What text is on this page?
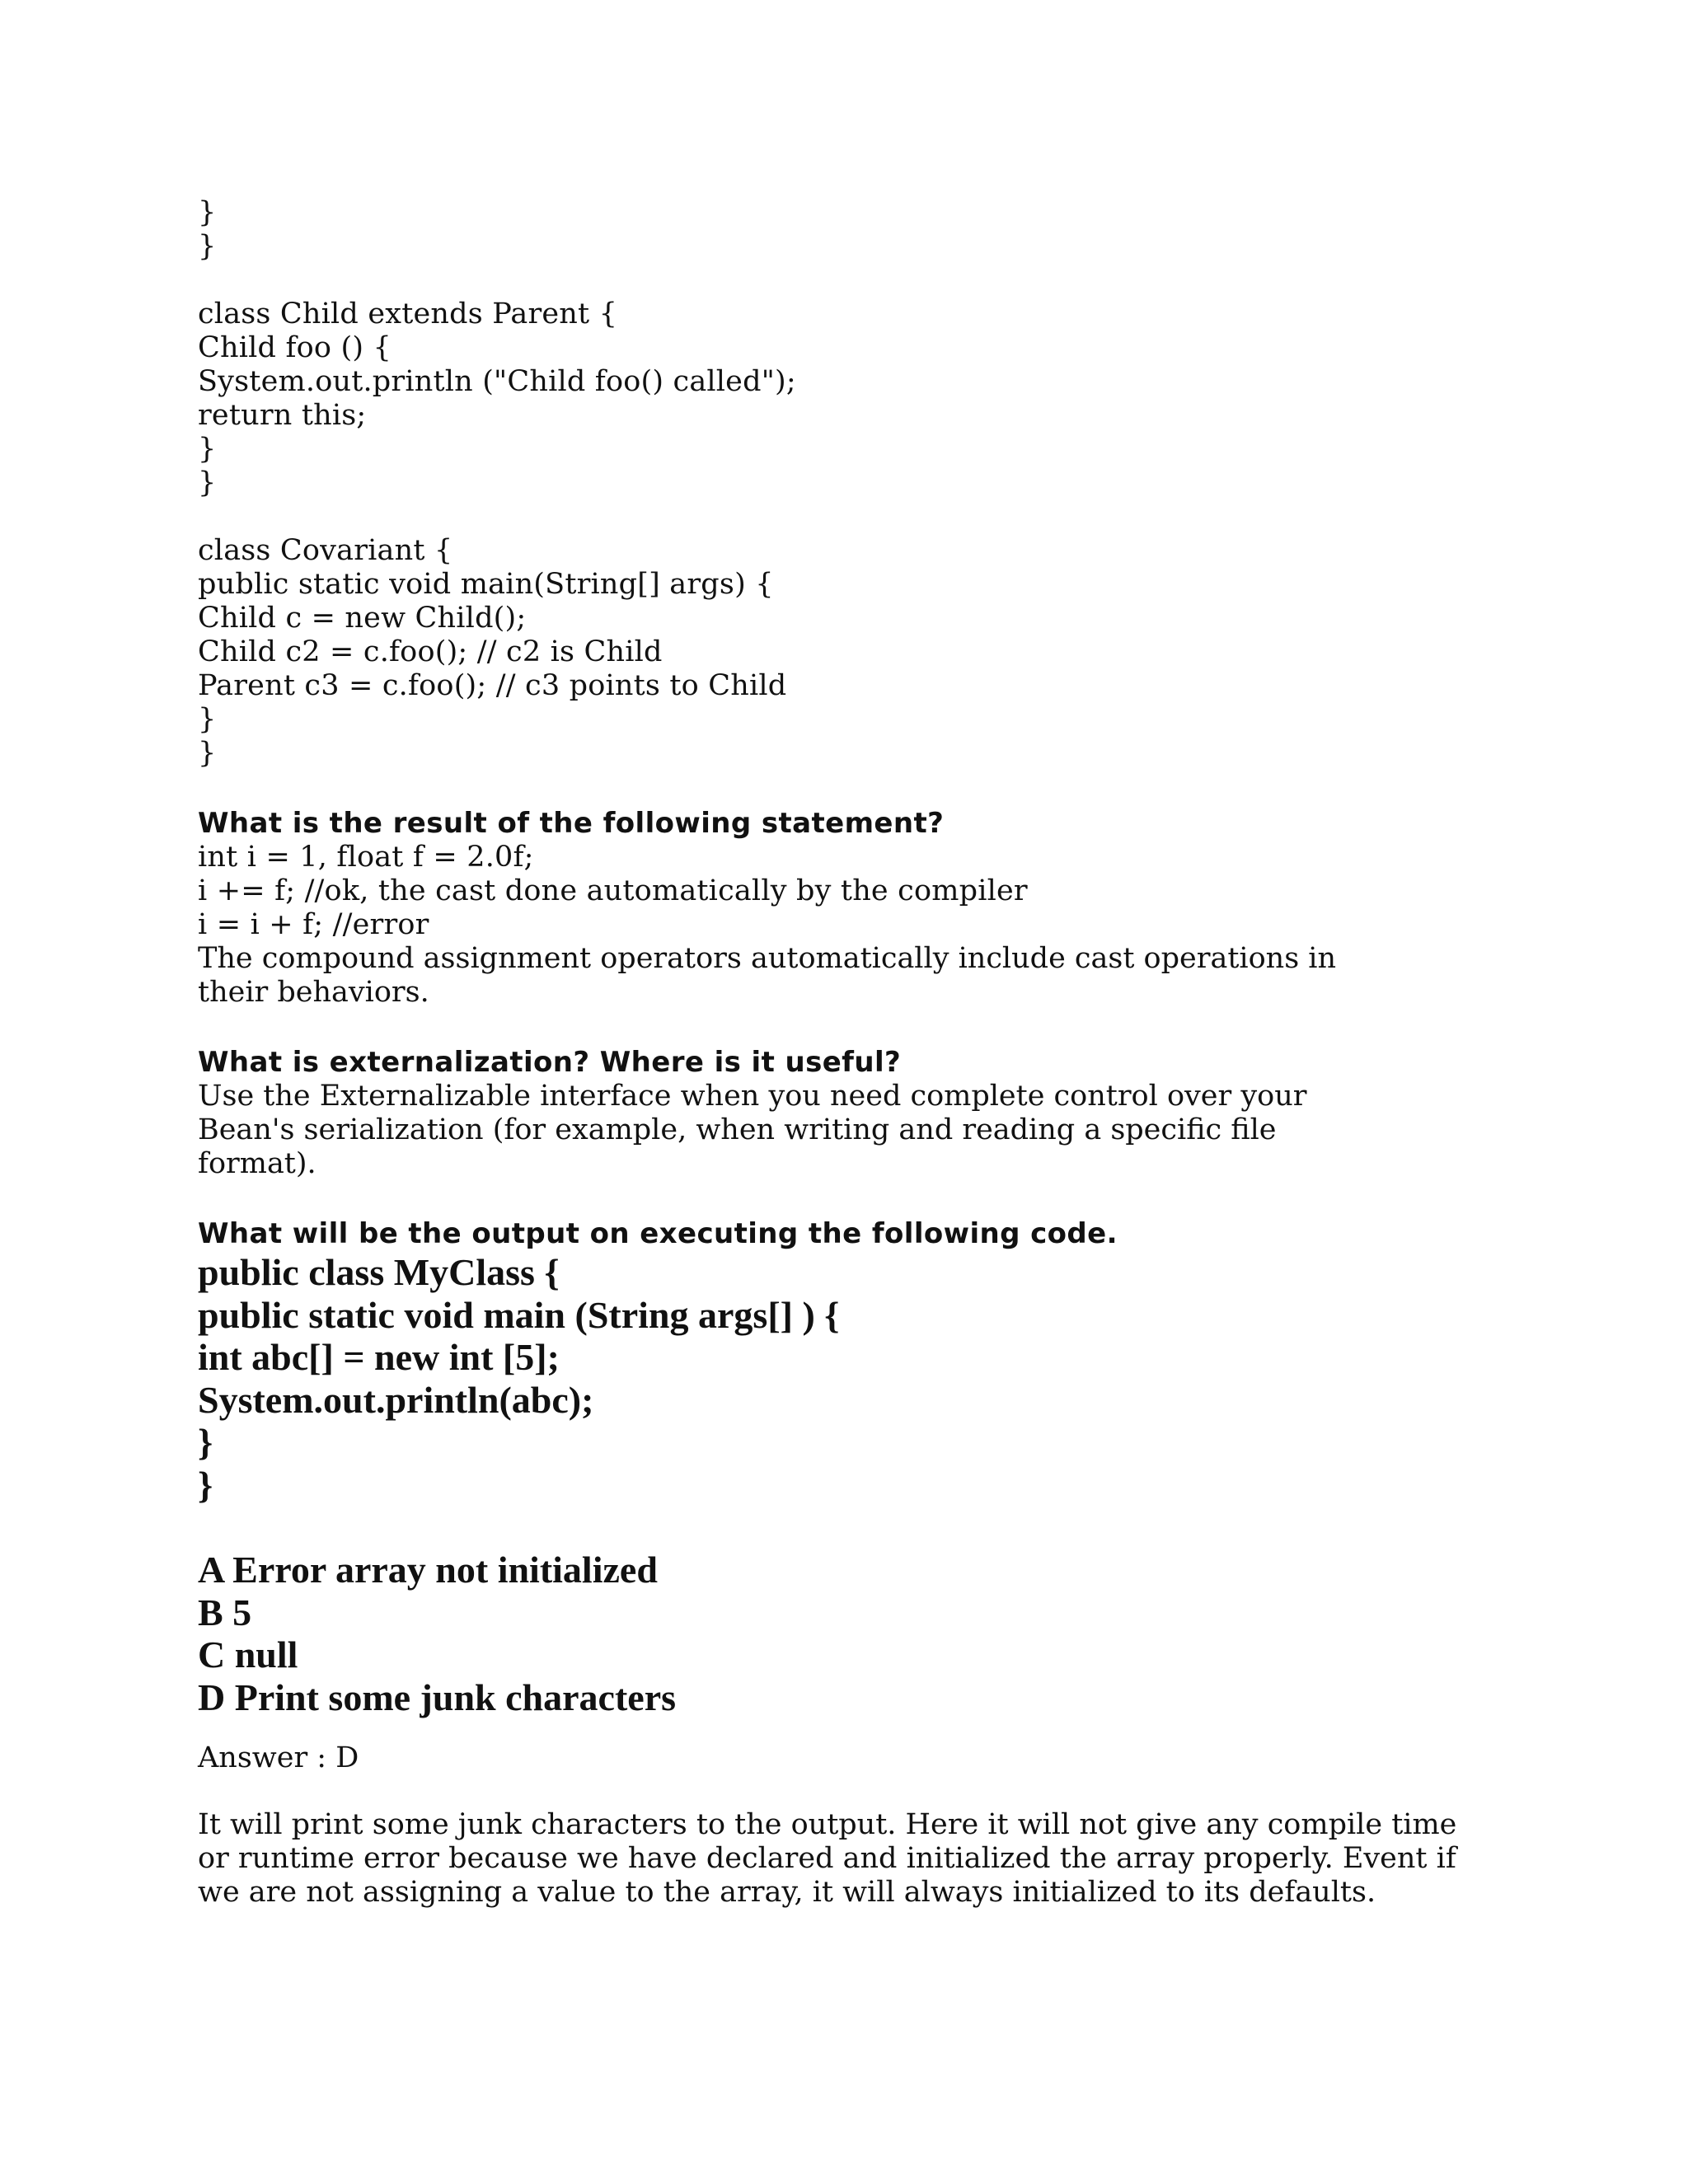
}
}
class Child extends Parent {
Child foo () {
System.out.println ("Child foo() called");
return this;
}
}
class Covariant {
public static void main(String[] args) {
Child c = new Child();
Child c2 = c.foo(); // c2 is Child
Parent c3 = c.foo(); // c3 points to Child
}
}
What is the result of the following statement?
int i = 1, float f = 2.0f;
i += f; //ok, the cast done automatically by the compiler
i = i + f; //error

The compound assignment operators automatically include cast operations in their behaviors.

What is externalization? Where is it useful?

Use the Externalizable interface when you need complete control over your Bean's serialization (for example, when writing and reading a specific file format).

What will be the output on executing the following code.
public class MyClass {
public static void main (String args[] ) {
int abc[] = new int [5];
System.out.println(abc);
}
}
A Error array not initialized
B 5
C null
D Print some junk characters
Answer : D

It will print some junk characters to the output. Here it will not give any compile time or runtime error because we have declared and initialized the array properly. Event if we are not assigning a value to the array, it will always initialized to its defaults.
